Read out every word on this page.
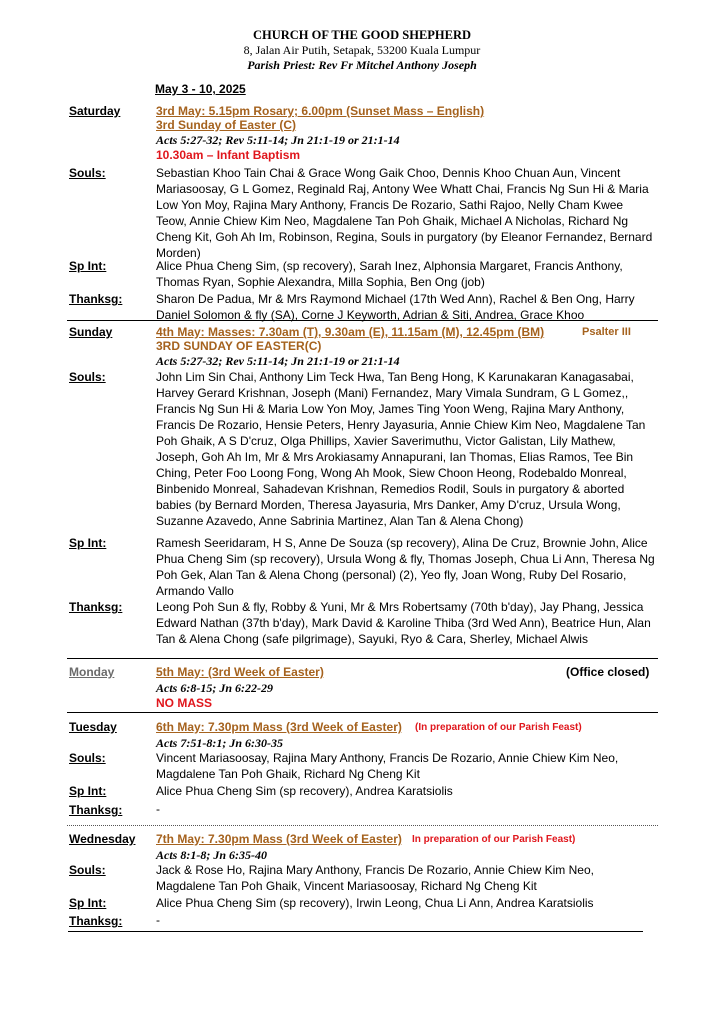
CHURCH OF THE GOOD SHEPHERD
8, Jalan Air Putih, Setapak, 53200 Kuala Lumpur
Parish Priest: Rev Fr Mitchel Anthony Joseph
May 3 - 10, 2025
Saturday	3rd May: 5.15pm Rosary; 6.00pm (Sunset Mass – English)
3rd Sunday of Easter (C)
Acts 5:27-32; Rev 5:11-14; Jn 21:1-19 or 21:1-14
10.30am – Infant Baptism
Souls:	Sebastian Khoo Tain Chai & Grace Wong Gaik Choo, Dennis Khoo Chuan Aun, Vincent Mariasoosay, G L Gomez, Reginald Raj, Antony Wee Whatt Chai, Francis Ng Sun Hi & Maria Low Yon Moy, Rajina Mary Anthony, Francis De Rozario, Sathi Rajoo, Nelly Cham Kwee Teow, Annie Chiew Kim Neo, Magdalene Tan Poh Ghaik, Michael A Nicholas, Richard Ng Cheng Kit, Goh Ah Im, Robinson, Regina, Souls in purgatory (by Eleanor Fernandez, Bernard Morden)
Sp Int:	Alice Phua Cheng Sim, (sp recovery), Sarah Inez, Alphonsia Margaret, Francis Anthony, Thomas Ryan, Sophie Alexandra, Milla Sophia, Ben Ong (job)
Thanksg:	Sharon De Padua, Mr & Mrs Raymond Michael (17th Wed Ann), Rachel & Ben Ong, Harry Daniel Solomon & fly (SA), Corne J Keyworth, Adrian & Siti, Andrea, Grace Khoo
Sunday	4th May: Masses: 7.30am (T), 9.30am (E), 11.15am (M), 12.45pm (BM)	Psalter III
3RD SUNDAY OF EASTER(C)
Acts 5:27-32; Rev 5:11-14; Jn 21:1-19 or 21:1-14
Souls:	John Lim Sin Chai, Anthony Lim Teck Hwa, Tan Beng Hong, K Karunakaran Kanagasabai, Harvey Gerard Krishnan, Joseph (Mani) Fernandez, Mary Vimala Sundram, G L Gomez,, Francis Ng Sun Hi & Maria Low Yon Moy, James Ting Yoon Weng, Rajina Mary Anthony, Francis De Rozario, Hensie Peters, Henry Jayasuria, Annie Chiew Kim Neo, Magdalene Tan Poh Ghaik, A S D'cruz, Olga Phillips, Xavier Saverimuthu, Victor Galistan, Lily Mathew, Joseph, Goh Ah Im, Mr & Mrs Arokiasamy Annapurani, Ian Thomas, Elias Ramos, Tee Bin Ching, Peter Foo Loong Fong, Wong Ah Mook, Siew Choon Heong, Rodebaldo Monreal, Binbenido Monreal, Sahadevan Krishnan, Remedios Rodil, Souls in purgatory & aborted babies (by Bernard Morden, Theresa Jayasuria, Mrs Danker, Amy D'cruz, Ursula Wong, Suzanne Azavedo, Anne Sabrinia Martinez, Alan Tan & Alena Chong)
Sp Int:	Ramesh Seeridaram, H S, Anne De Souza (sp recovery), Alina De Cruz, Brownie John, Alice Phua Cheng Sim (sp recovery), Ursula Wong & fly, Thomas Joseph, Chua Li Ann, Theresa Ng Poh Gek, Alan Tan & Alena Chong (personal) (2), Yeo fly, Joan Wong, Ruby Del Rosario, Armando Vallo
Thanksg:	Leong Poh Sun & fly, Robby & Yuni, Mr & Mrs Robertsamy (70th b'day), Jay Phang, Jessica Edward Nathan (37th b'day), Mark David & Karoline Thiba (3rd Wed Ann), Beatrice Hun, Alan Tan & Alena Chong (safe pilgrimage), Sayuki, Ryo & Cara, Sherley, Michael Alwis
Monday	5th May: (3rd Week of Easter)	(Office closed)
Acts 6:8-15; Jn 6:22-29
NO MASS
Tuesday	6th May: 7.30pm Mass (3rd Week of Easter) (In preparation of our Parish Feast)
Acts 7:51-8:1; Jn 6:30-35
Souls:	Vincent Mariasoosay, Rajina Mary Anthony, Francis De Rozario, Annie Chiew Kim Neo, Magdalene Tan Poh Ghaik, Richard Ng Cheng Kit
Sp Int:	Alice Phua Cheng Sim (sp recovery), Andrea Karatsiolis
Thanksg:	-
Wednesday 7th May: 7.30pm Mass (3rd Week of Easter) In preparation of our Parish Feast)
Acts 8:1-8; Jn 6:35-40
Souls:	Jack & Rose Ho, Rajina Mary Anthony, Francis De Rozario, Annie Chiew Kim Neo, Magdalene Tan Poh Ghaik, Vincent Mariasoosay, Richard Ng Cheng Kit
Sp Int:	Alice Phua Cheng Sim (sp recovery), Irwin Leong, Chua Li Ann, Andrea Karatsiolis
Thanksg:	-
